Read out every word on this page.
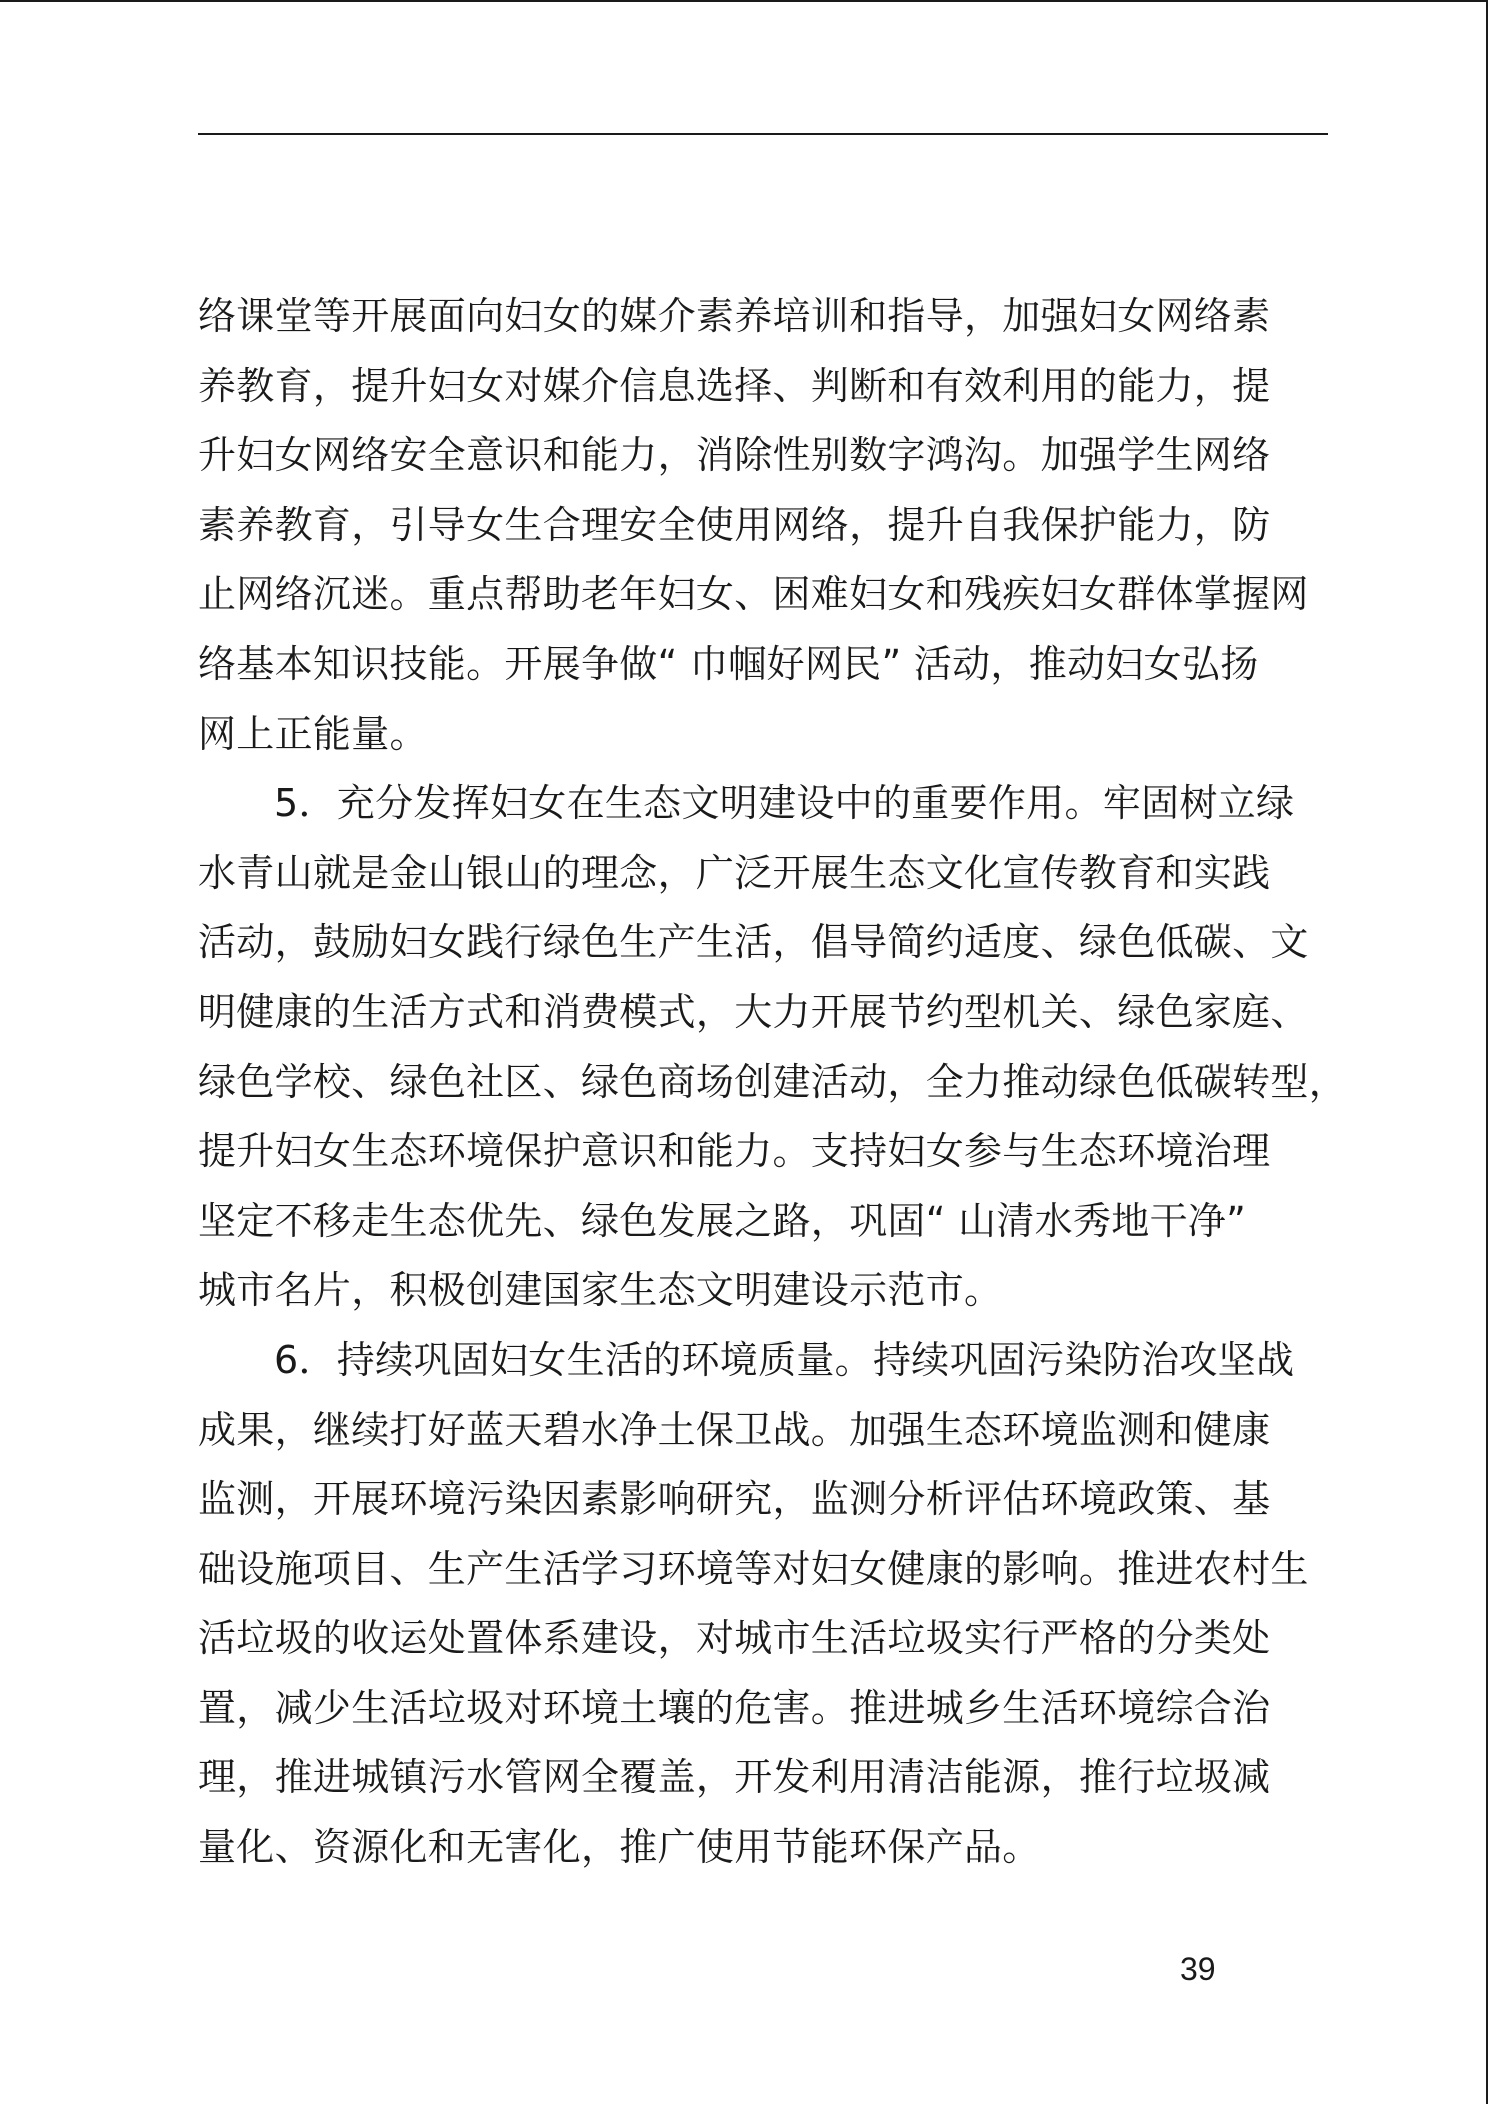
络课堂等开展面向妇女的媒介素养培训和指导，加强妇女网络素
养教育，提升妇女对媒介信息选择、判断和有效利用的能力，提
升妇女网络安全意识和能力，消除性别数字鸿沟。加强学生网络
素养教育，引导女生合理安全使用网络，提升自我保护能力，防
止网络沉迷。重点帮助老年妇女、困难妇女和残疾妇女群体掌握网
络基本知识技能。开展争做“ 巾帼好网民” 活动，推动妇女弘扬
网上正能量。
5．充分发挥妇女在生态文明建设中的重要作用。牢固树立绿
水青山就是金山银山的理念，广泛开展生态文化宣传教育和实践
活动，鼓励妇女践行绿色生产生活，倡导简约适度、绿色低碳、文
明健康的生活方式和消费模式，大力开展节约型机关、绿色家庭、
绿色学校、绿色社区、绿色商场创建活动，全力推动绿色低碳转型，
提升妇女生态环境保护意识和能力。支持妇女参与生态环境治理
坚定不移走生态优先、绿色发展之路，巩固“ 山清水秀地干净”
城市名片，积极创建国家生态文明建设示范市。
6．持续巩固妇女生活的环境质量。持续巩固污染防治攻坚战
成果，继续打好蓝天碧水净土保卫战。加强生态环境监测和健康
监测，开展环境污染因素影响研究，监测分析评估环境政策、基
础设施项目、生产生活学习环境等对妇女健康的影响。推进农村生
活垃圾的收运处置体系建设，对城市生活垃圾实行严格的分类处
置，减少生活垃圾对环境土壤的危害。推进城乡生活环境综合治
理，推进城镇污水管网全覆盖，开发利用清洁能源，推行垃圾减
量化、资源化和无害化，推广使用节能环保产品。
39
